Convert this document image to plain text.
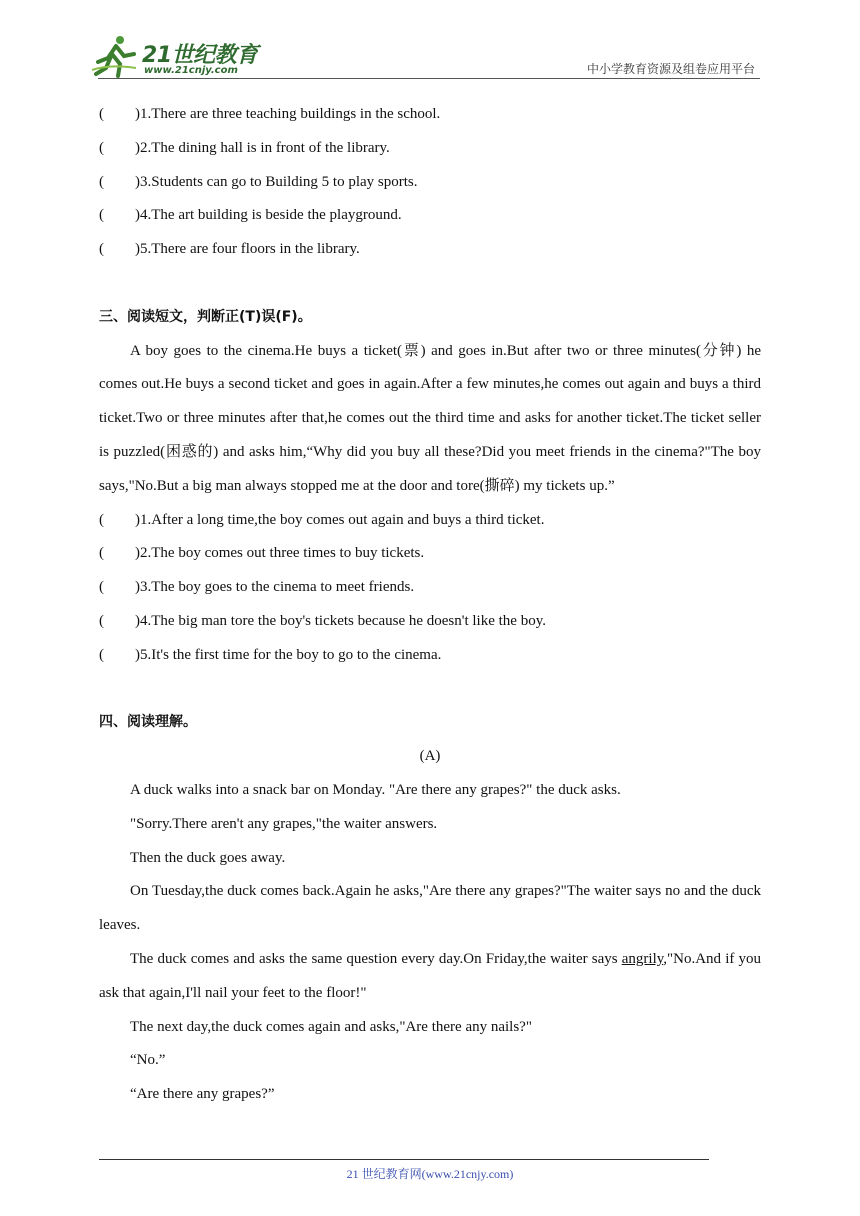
21世纪教育
www.21cnjy.com	中小学教育资源及组卷应用平台
( )1.There are three teaching buildings in the school.
( )2.The dining hall is in front of the library.
( )3.Students can go to Building 5 to play sports.
( )4.The art building is beside the playground.
( )5.There are four floors in the library.
三、阅读短文，判断正(T)误(F)。
A boy goes to the cinema.He buys a ticket(票) and goes in.But after two or three minutes(分钟) he comes out.He buys a second ticket and goes in again.After a few minutes,he comes out again and buys a third ticket.Two or three minutes after that,he comes out the third time and asks for another ticket.The ticket seller is puzzled(困惑的) and asks him,“Why did you buy all these?Did you meet friends in the cinema?"The boy says,"No.But a big man always stopped me at the door and tore(撕碎) my tickets up.”
( )1.After a long time,the boy comes out again and buys a third ticket.
( )2.The boy comes out three times to buy tickets.
( )3.The boy goes to the cinema to meet friends.
( )4.The big man tore the boy's tickets because he doesn't like the boy.
( )5.It's the first time for the boy to go to the cinema.
四、阅读理解。
(A)
A duck walks into a snack bar on Monday. "Are there any grapes?" the duck asks.
"Sorry.There aren't any grapes,"the waiter answers.
Then the duck goes away.
On Tuesday,the duck comes back.Again he asks,"Are there any grapes?"The waiter says no and the duck leaves.
The duck comes and asks the same question every day.On Friday,the waiter says angrily,"No.And if you ask that again,I'll nail your feet to the floor!"
The next day,the duck comes again and asks,"Are there any nails?"
“No.”
“Are there any grapes?”
21 世纪教育网(www.21cnjy.com)
